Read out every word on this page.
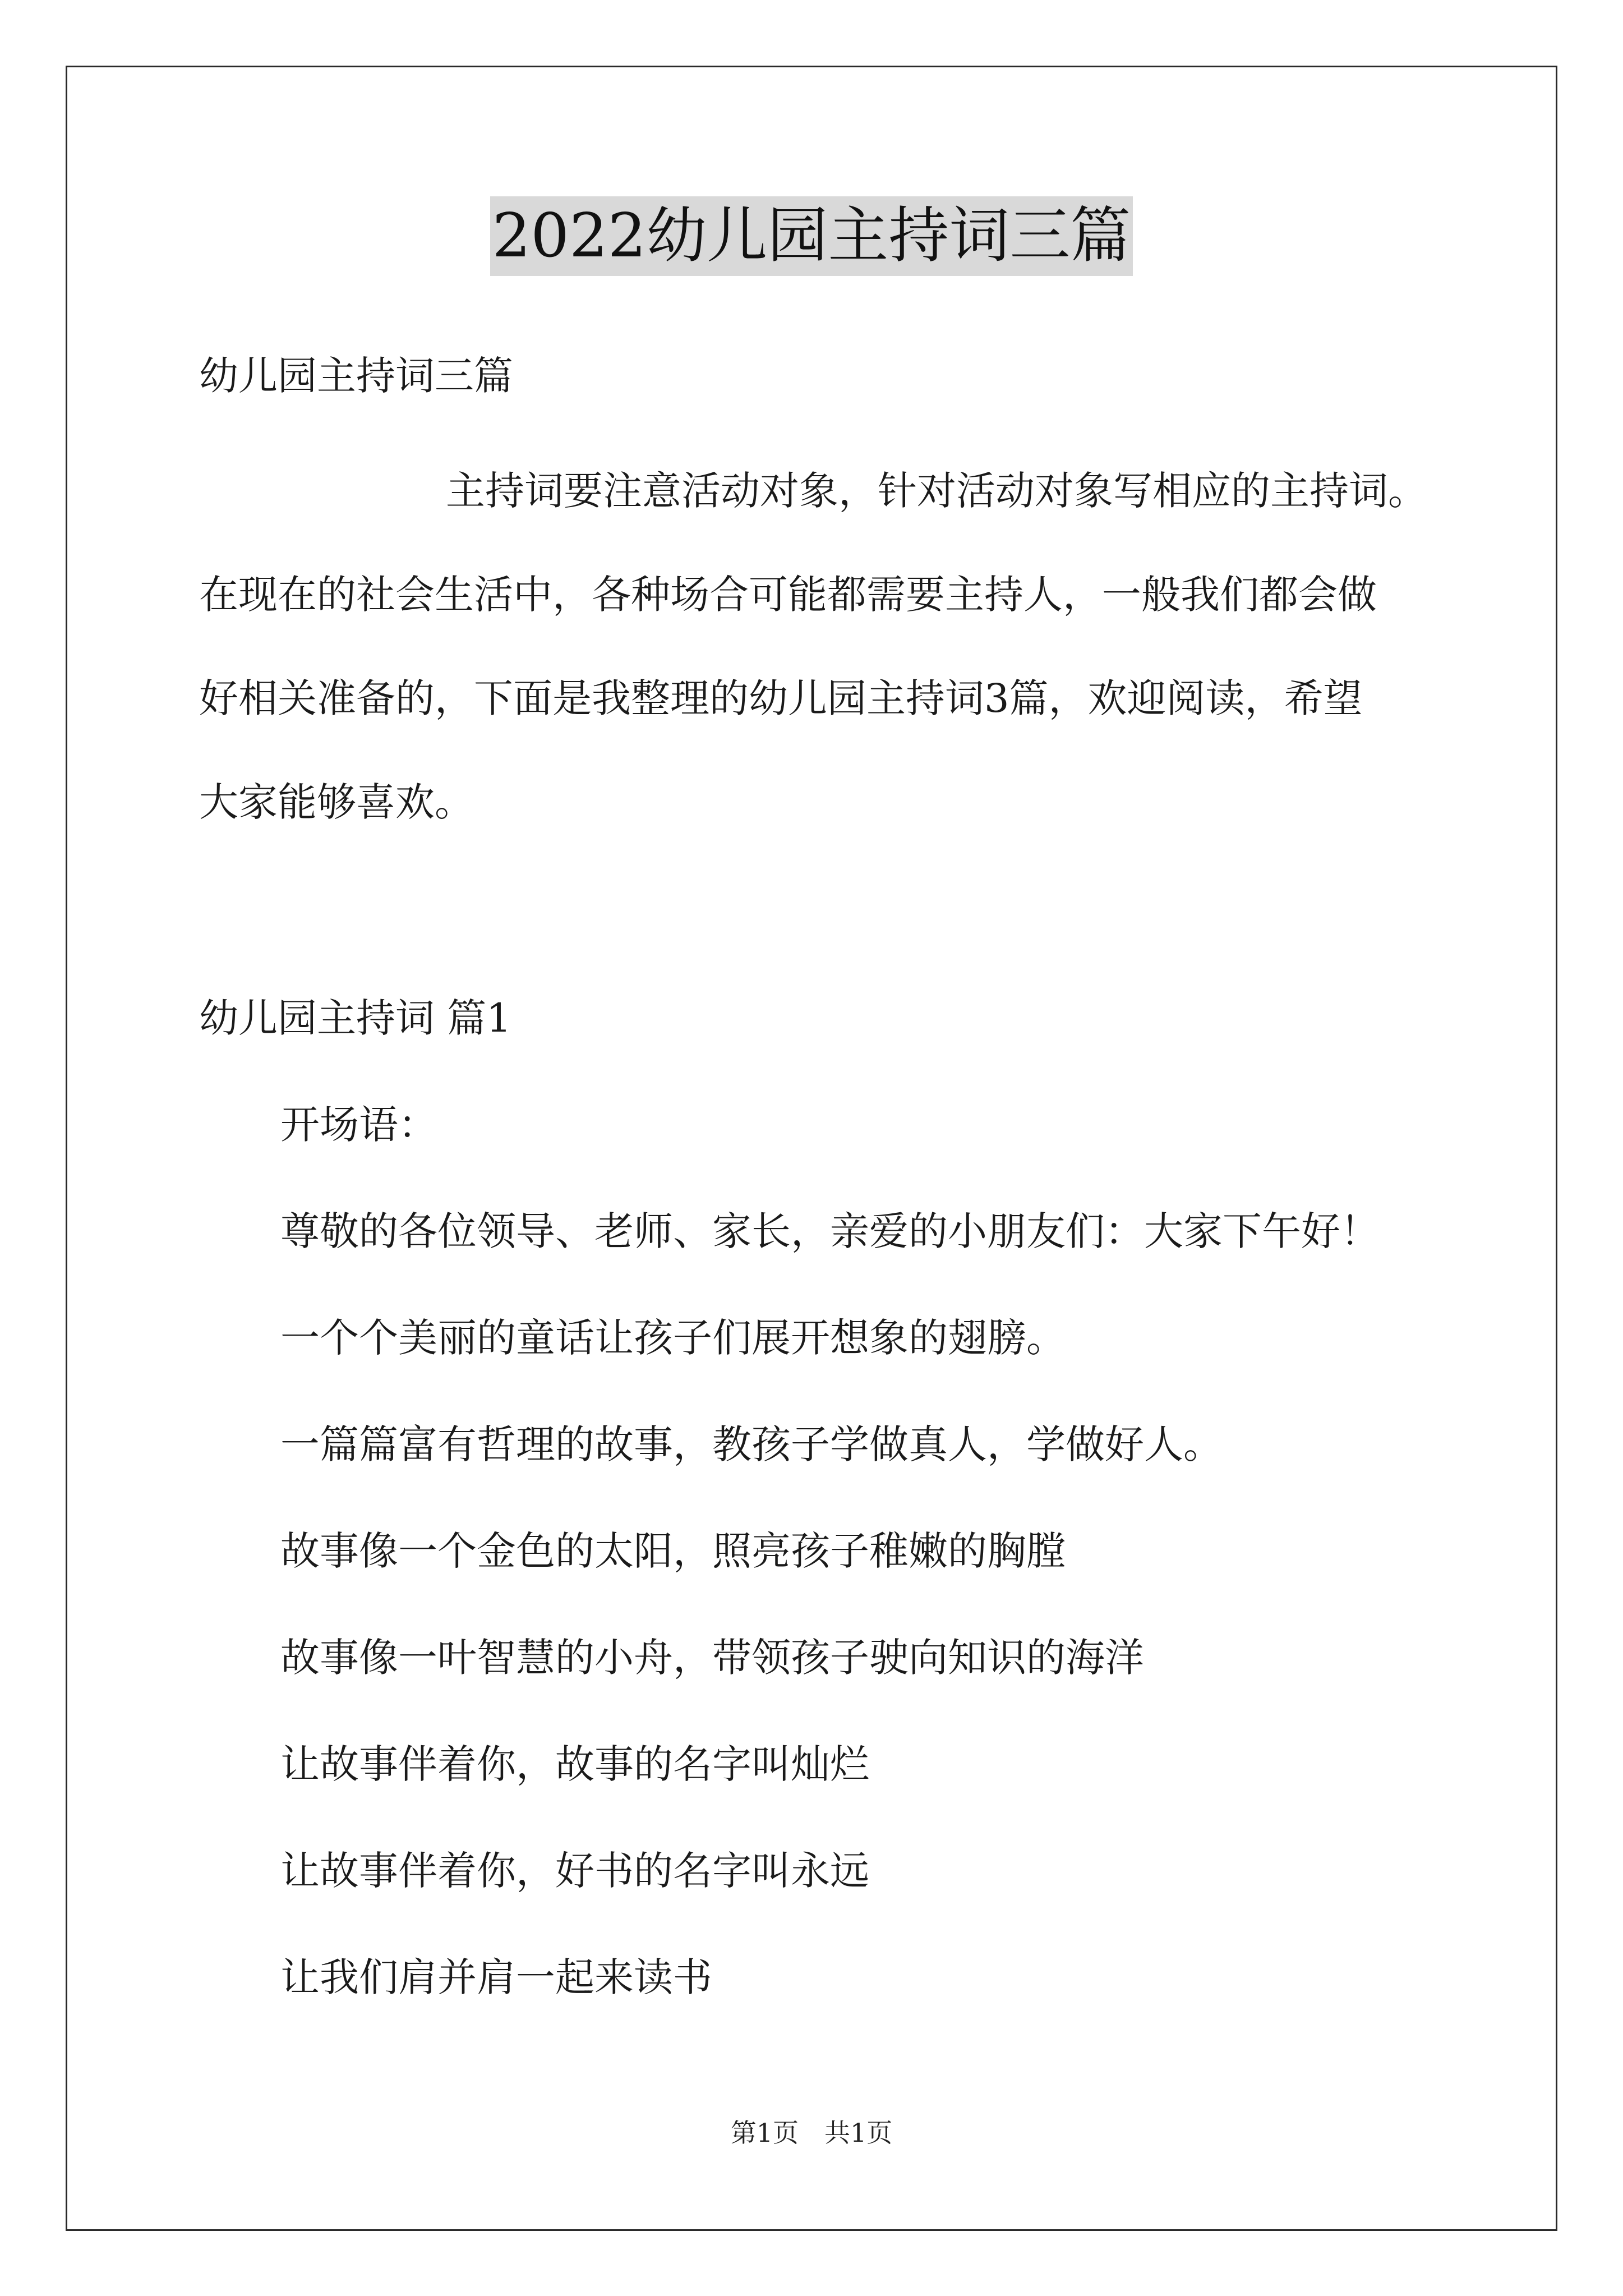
2022幼儿园主持词三篇
幼儿园主持词三篇
主持词要注意活动对象，针对活动对象写相应的主持词。
在现在的社会生活中，各种场合可能都需要主持人，一般我们都会做
好相关准备的，下面是我整理的幼儿园主持词3篇，欢迎阅读，希望
大家能够喜欢。
幼儿园主持词 篇1
开场语：
尊敬的各位领导、老师、家长，亲爱的小朋友们：大家下午好！
一个个美丽的童话让孩子们展开想象的翅膀。
一篇篇富有哲理的故事，教孩子学做真人，学做好人。
故事像一个金色的太阳，照亮孩子稚嫩的胸膛
故事像一叶智慧的小舟，带领孩子驶向知识的海洋
让故事伴着你，故事的名字叫灿烂
让故事伴着你，好书的名字叫永远
让我们肩并肩一起来读书
第1页 共1页
